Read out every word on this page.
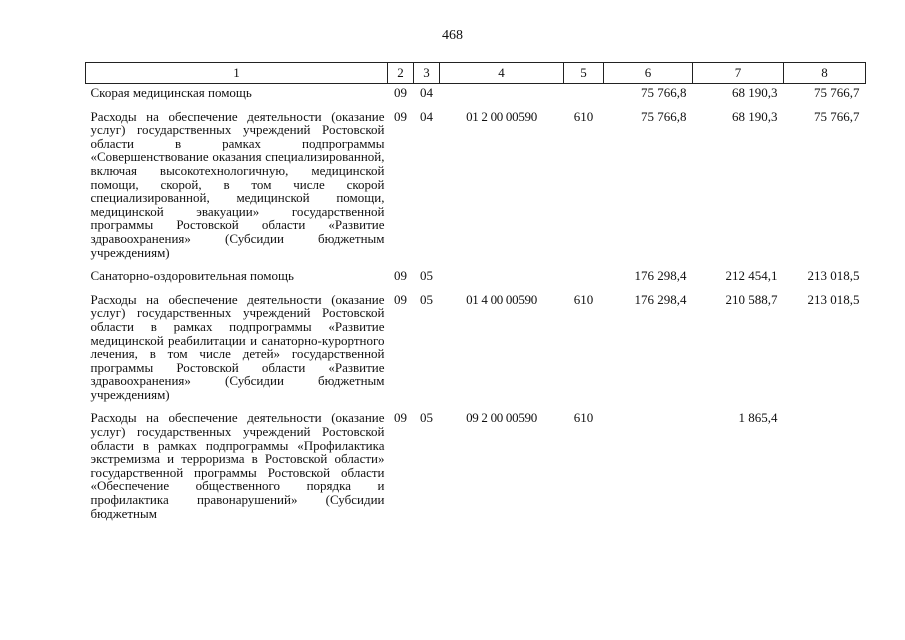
468
1	2	3	4	5	6	7	8
Скорая медицинская помощь	09	04			75 766,8	68 190,3	75 766,7
Расходы на обеспечение деятельности (оказание услуг) государственных учреждений Ростовской области в рамках подпрограммы «Совершенствование оказания специализированной, включая высокотехнологичную, медицинской помощи, скорой, в том числе скорой специализированной, медицинской помощи, медицинской эвакуации» государственной программы Ростовской области «Развитие здравоохранения» (Субсидии бюджетным учреждениям)	09	04	01 2 00 00590	610	75 766,8	68 190,3	75 766,7
Санаторно-оздоровительная помощь	09	05			176 298,4	212 454,1	213 018,5
Расходы на обеспечение деятельности (оказание услуг) государственных учреждений Ростовской области в рамках подпрограммы «Развитие медицинской реабилитации и санаторно-курортного лечения, в том числе детей» государственной программы Ростовской области «Развитие здравоохранения» (Субсидии бюджетным учреждениям)	09	05	01 4 00 00590	610	176 298,4	210 588,7	213 018,5
Расходы на обеспечение деятельности (оказание услуг) государственных учреждений Ростовской области в рамках подпрограммы «Профилактика экстремизма и терроризма в Ростовской области» государственной программы Ростовской области «Обеспечение общественного порядка и профилактика правонарушений» (Субсидии бюджетным	09	05	09 2 00 00590	610		1 865,4	
